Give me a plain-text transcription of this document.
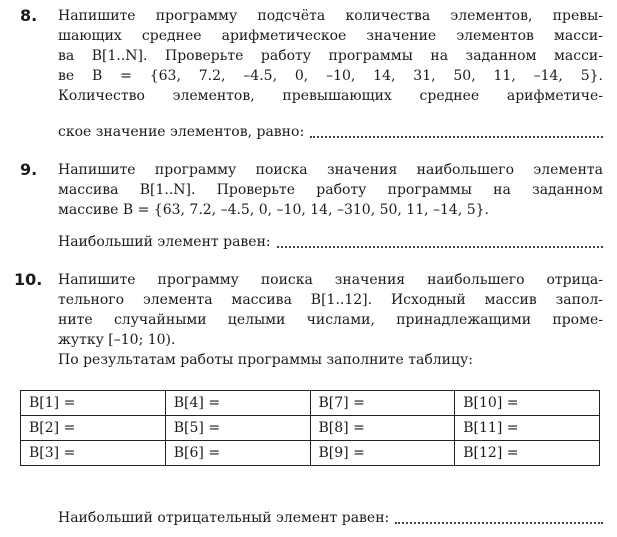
8. Напишите программу подсчёта количества элементов, превы-
шающих среднее арифметическое значение элементов масси-
ва B[1..N]. Проверьте работу программы на заданном масси-
ве B = {63, 7.2, –4.5, 0, –10, 14, 31, 50, 11, –14, 5}.
Количество элементов, превышающих среднее арифметиче-

ское значение элементов, равно:
9. Напишите программу поиска значения наибольшего элемента
массива B[1..N]. Проверьте работу программы на заданном
массиве B = {63, 7.2, –4.5, 0, –10, 14, –310, 50, 11, –14, 5}.

Наибольший элемент равен:
10. Напишите программу поиска значения наибольшего отрица-
тельного элемента массива B[1..12]. Исходный массив запол-
ните случайными целыми числами, принадлежащими проме-
жутку [–10; 10).
По результатам работы программы заполните таблицу:

B[1] =	B[4] =	B[7] =	B[10] =
B[2] =	B[5] =	B[8] =	B[11] =
B[3] =	B[6] =	B[9] =	B[12] =
Наибольший отрицательный элемент равен:
